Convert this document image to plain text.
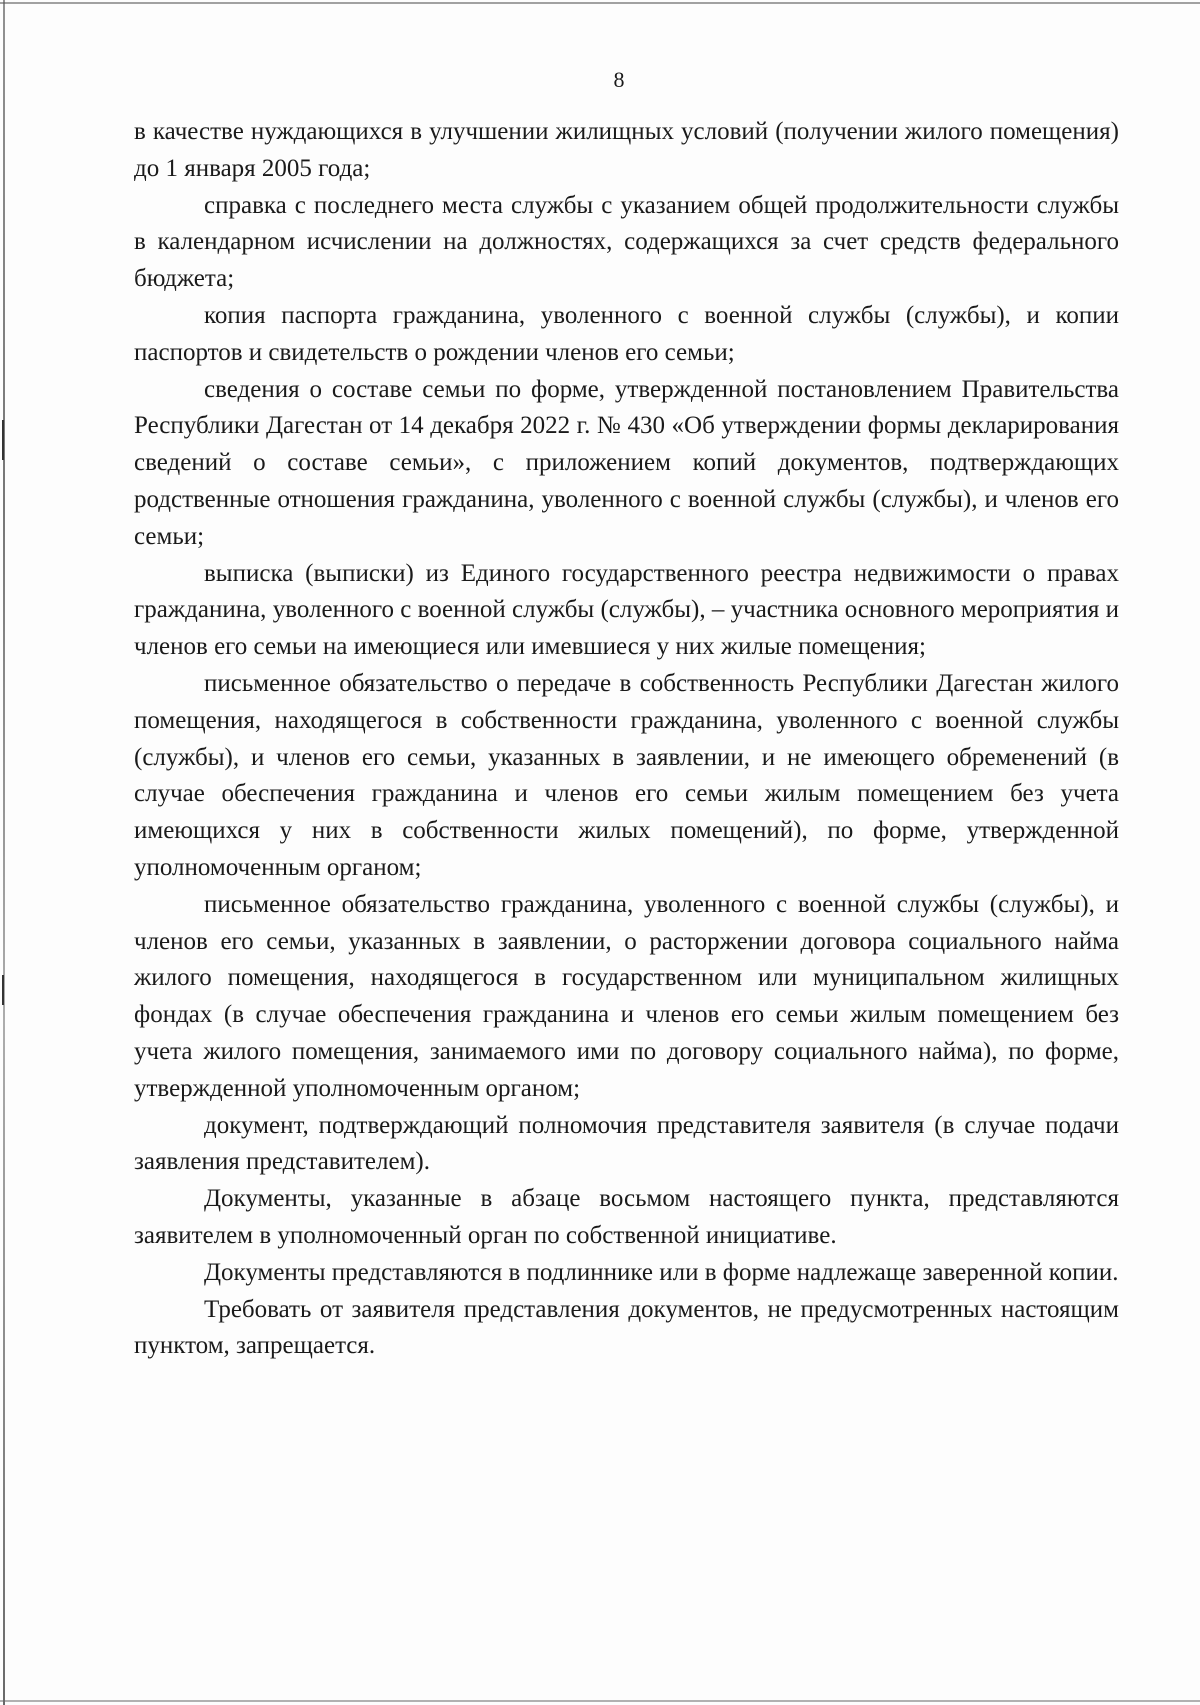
8

в качестве нуждающихся в улучшении жилищных условий (получении жилого помещения) до 1 января 2005 года;

справка с последнего места службы с указанием общей продолжительности службы в календарном исчислении на должностях, содержащихся за счет средств федерального бюджета;

копия паспорта гражданина, уволенного с военной службы (службы), и копии паспортов и свидетельств о рождении членов его семьи;

сведения о составе семьи по форме, утвержденной постановлением Правительства Республики Дагестан от 14 декабря 2022 г. № 430 «Об утверждении формы декларирования сведений о составе семьи», с приложением копий документов, подтверждающих родственные отношения гражданина, уволенного с военной службы (службы), и членов его семьи;

выписка (выписки) из Единого государственного реестра недвижимости о правах гражданина, уволенного с военной службы (службы), – участника основного мероприятия и членов его семьи на имеющиеся или имевшиеся у них жилые помещения;

письменное обязательство о передаче в собственность Республики Дагестан жилого помещения, находящегося в собственности гражданина, уволенного с военной службы (службы), и членов его семьи, указанных в заявлении, и не имеющего обременений (в случае обеспечения гражданина и членов его семьи жилым помещением без учета имеющихся у них в собственности жилых помещений), по форме, утвержденной уполномоченным органом;

письменное обязательство гражданина, уволенного с военной службы (службы), и членов его семьи, указанных в заявлении, о расторжении договора социального найма жилого помещения, находящегося в государственном или муниципальном жилищных фондах (в случае обеспечения гражданина и членов его семьи жилым помещением без учета жилого помещения, занимаемого ими по договору социального найма), по форме, утвержденной уполномоченным органом;

документ, подтверждающий полномочия представителя заявителя (в случае подачи заявления представителем).

Документы, указанные в абзаце восьмом настоящего пункта, представляются заявителем в уполномоченный орган по собственной инициативе.

Документы представляются в подлиннике или в форме надлежаще заверенной копии.

Требовать от заявителя представления документов, не предусмотренных настоящим пунктом, запрещается.
